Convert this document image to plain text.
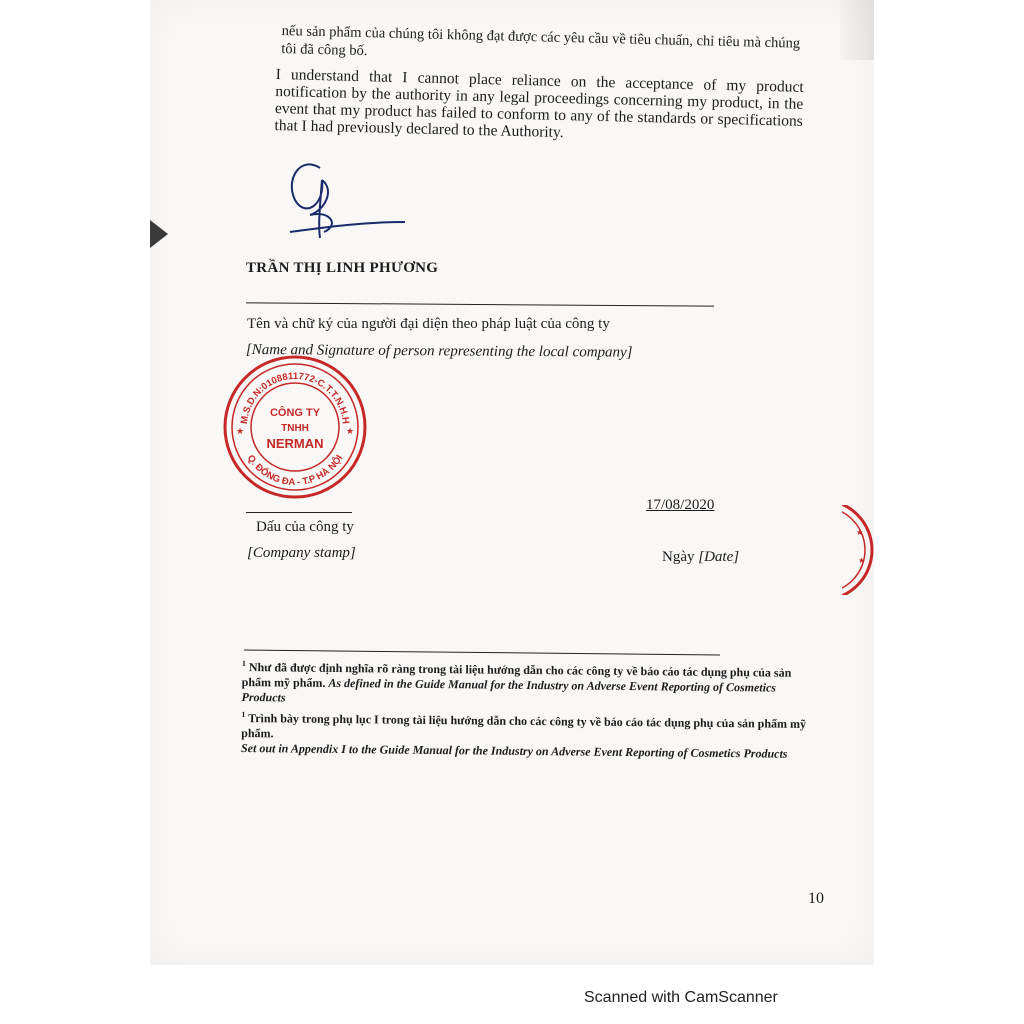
nếu sản phẩm của chúng tôi không đạt được các yêu cầu về tiêu chuẩn, chỉ tiêu mà chúng tôi đã công bố.
I understand that I cannot place reliance on the acceptance of my product notification by the authority in any legal proceedings concerning my product, in the event that my product has failed to conform to any of the standards or specifications that I had previously declared to the Authority.
TRẦN THỊ LINH PHƯƠNG
Tên và chữ ký của người đại diện theo pháp luật của công ty
[Name and Signature of person representing the local company]
M.S.D.N:0108811772-C.T.T.N.H.H
Q. ĐỐNG ĐA - T.P HÀ NỘI
CÔNG TY
TNHH
NERMAN
★	★
★
★
17/08/2020
Dấu của công ty
[Company stamp]	Ngày [Date]

$^1$ Như đã được định nghĩa rõ ràng trong tài liệu hướng dẫn cho các công ty về báo cáo tác dụng phụ của sản phẩm mỹ phẩm. As defined in the Guide Manual for the Industry on Adverse Event Reporting of Cosmetics Products

$^1$ Trình bày trong phụ lục I trong tài liệu hướng dẫn cho các công ty về báo cáo tác dụng phụ của sản phẩm mỹ phẩm.
Set out in Appendix I to the Guide Manual for the Industry on Adverse Event Reporting of Cosmetics Products

10
Scanned with CamScanner
